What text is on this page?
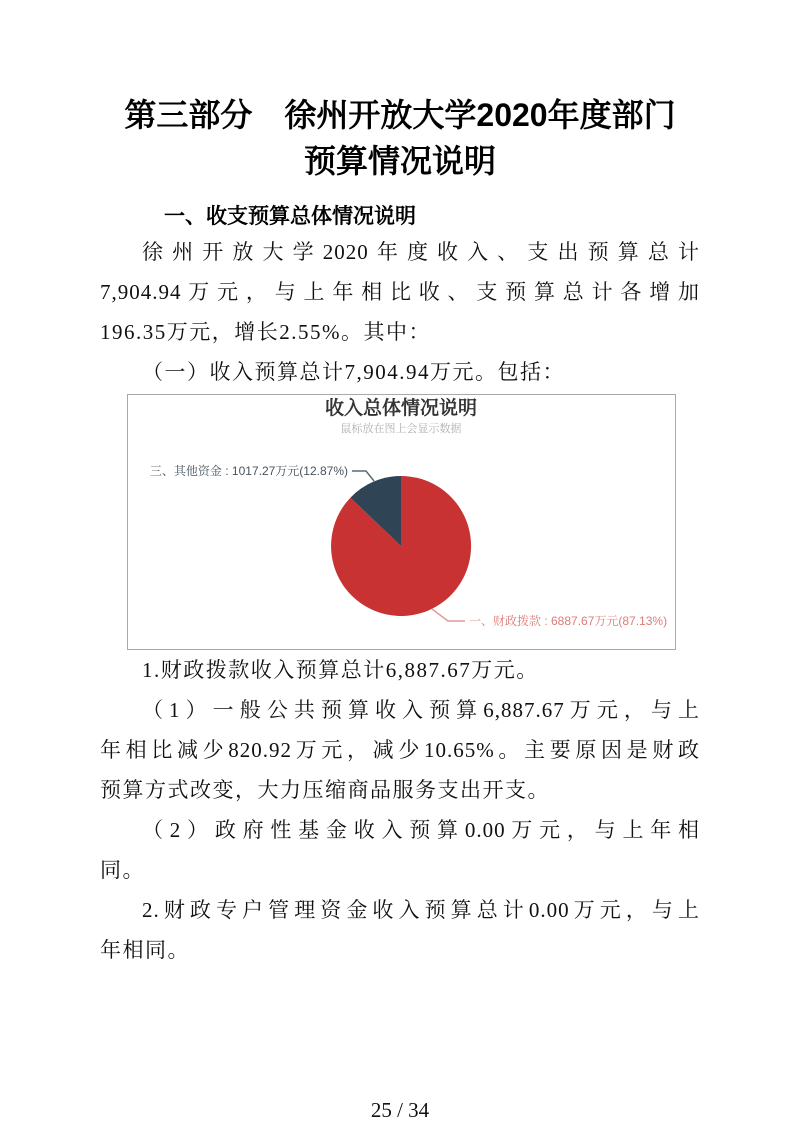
第三部分　徐州开放大学2020年度部门
预算情况说明
一、收支预算总体情况说明
徐州开放大学2020年度收入、支出预算总计
7,904.94万元，与上年相比收、支预算总计各增加
196.35万元，增长2.55%。其中：
（一）收入预算总计7,904.94万元。包括：
收入总体情况说明
鼠标放在图上会显示数据
三、其他资金 : 1017.27万元(12.87%)
一、财政拨款 : 6887.67万元(87.13%)
1.财政拨款收入预算总计6,887.67万元。
（1）一般公共预算收入预算6,887.67万元，与上
年相比减少820.92万元，减少10.65%。主要原因是财政
预算方式改变，大力压缩商品服务支出开支。
（2）政府性基金收入预算0.00万元，与上年相
同。
2.财政专户管理资金收入预算总计0.00万元，与上
年相同。
25 / 34
